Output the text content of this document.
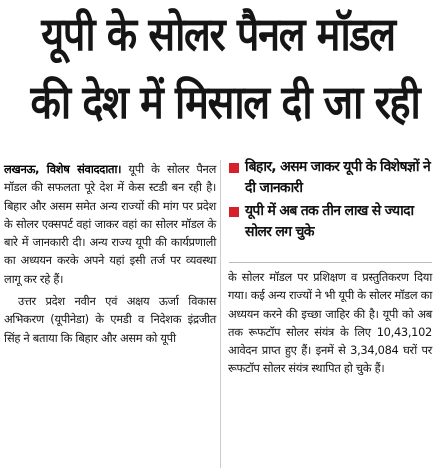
यूपी के सोलर पैनल मॉडल
की देश में मिसाल दी जा रही

लखनऊ, विशेष संवाददाता। यूपी के सोलर पैनल मॉडल की सफलता पूरे देश में केस स्टडी बन रही है। बिहार और असम समेत अन्य राज्यों की मांग पर प्रदेश के सोलर एक्सपर्ट वहां जाकर वहां का सोलर मॉडल के बारे में जानकारी दी। अन्य राज्य यूपी की कार्यप्रणाली का अध्ययन करके अपने यहां इसी तर्ज पर व्यवस्था लागू कर रहे हैं।

उत्तर प्रदेश नवीन एवं अक्षय ऊर्जा विकास अभिकरण (यूपीनेडा) के एमडी व निदेशक इंद्रजीत सिंह ने बताया कि बिहार और असम को यूपी

बिहार, असम जाकर यूपी के विशेषज्ञों ने दी जानकारी
यूपी में अब तक तीन लाख से ज्यादा सोलर लग चुके

के सोलर मॉडल पर प्रशिक्षण व प्रस्तुतिकरण दिया गया। कई अन्य राज्यों ने भी यूपी के सोलर मॉडल का अध्ययन करने की इच्छा जाहिर की है। यूपी को अब तक रूफटॉप सोलर संयंत्र के लिए 10,43,102 आवेदन प्राप्त हुए हैं। इनमें से 3,34,084 घरों पर रूफटॉप सोलर संयंत्र स्थापित हो चुके हैं।
